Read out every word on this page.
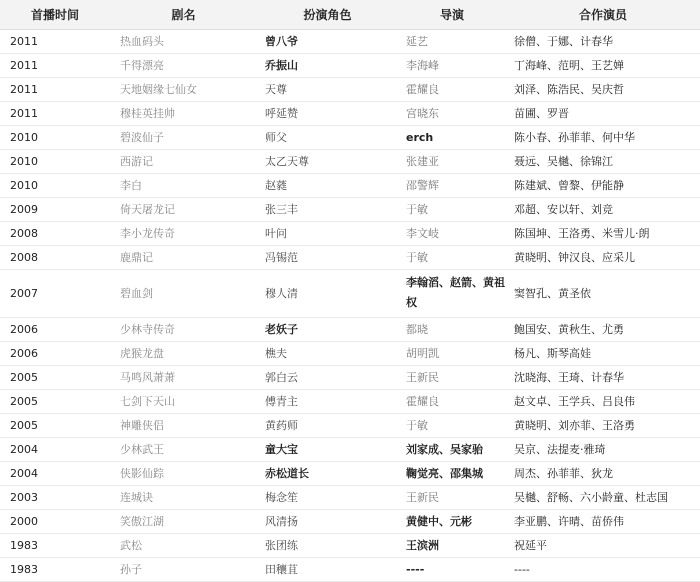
首播时间	剧名	扮演角色	导演	合作演员
2011	热血码头	曾八爷	延艺	徐僧、于娜、计春华
2011	千得漂亮	乔振山	李海峰	丁海峰、范明、王艺婵
2011	天地姻缘七仙女	天尊	霍耀良	刘泽、陈浩民、吴庆哲
2011	穆桂英挂帅	呼延赞	宫晓东	苗圃、罗晋
2010	碧波仙子	师父	erch	陈小春、孙菲菲、何中华
2010	西游记	太乙天尊	张建亚	聂远、吴樾、徐锦江
2010	李白	赵蕤	邵警辉	陈建斌、曾黎、伊能静
2009	倚天屠龙记	张三丰	于敏	邓超、安以轩、刘竞
2008	李小龙传奇	叶问	李文岐	陈国坤、王洛勇、米雪儿·朗
2008	鹿鼎记	冯锡范	于敏	黄晓明、钟汉良、应采儿
2007	碧血剑	穆人清	李翰滔、赵箭、黄祖权	窦智孔、黄圣依
2006	少林寺传奇	老妖子	都晓	鲍国安、黄秋生、尤勇
2006	虎猴龙盘	樵夫	胡明凯	杨凡、斯琴高娃
2005	马鸣风萧萧	郭白云	王新民	沈晓海、王琦、计春华
2005	七剑下天山	傅青主	霍耀良	赵文卓、王学兵、吕良伟
2005	神雕侠侣	黄药师	于敏	黄晓明、刘亦菲、王洛勇
2004	少林武王	童大宝	刘家成、吴家骀	吴京、法提麦·雅琦
2004	侠影仙踪	赤松道长	鞠觉亮、邵集城	周杰、孙菲菲、狄龙
2003	连城诀	梅念笙	王新民	吴樾、舒畅、六小龄童、杜志国
2000	笑傲江湖	风清扬	黄健中、元彬	李亚鹏、许晴、苗侨伟
1983	武松	张团练	王滨洲	祝延平
1983	孙子	田穰苴	----	----
